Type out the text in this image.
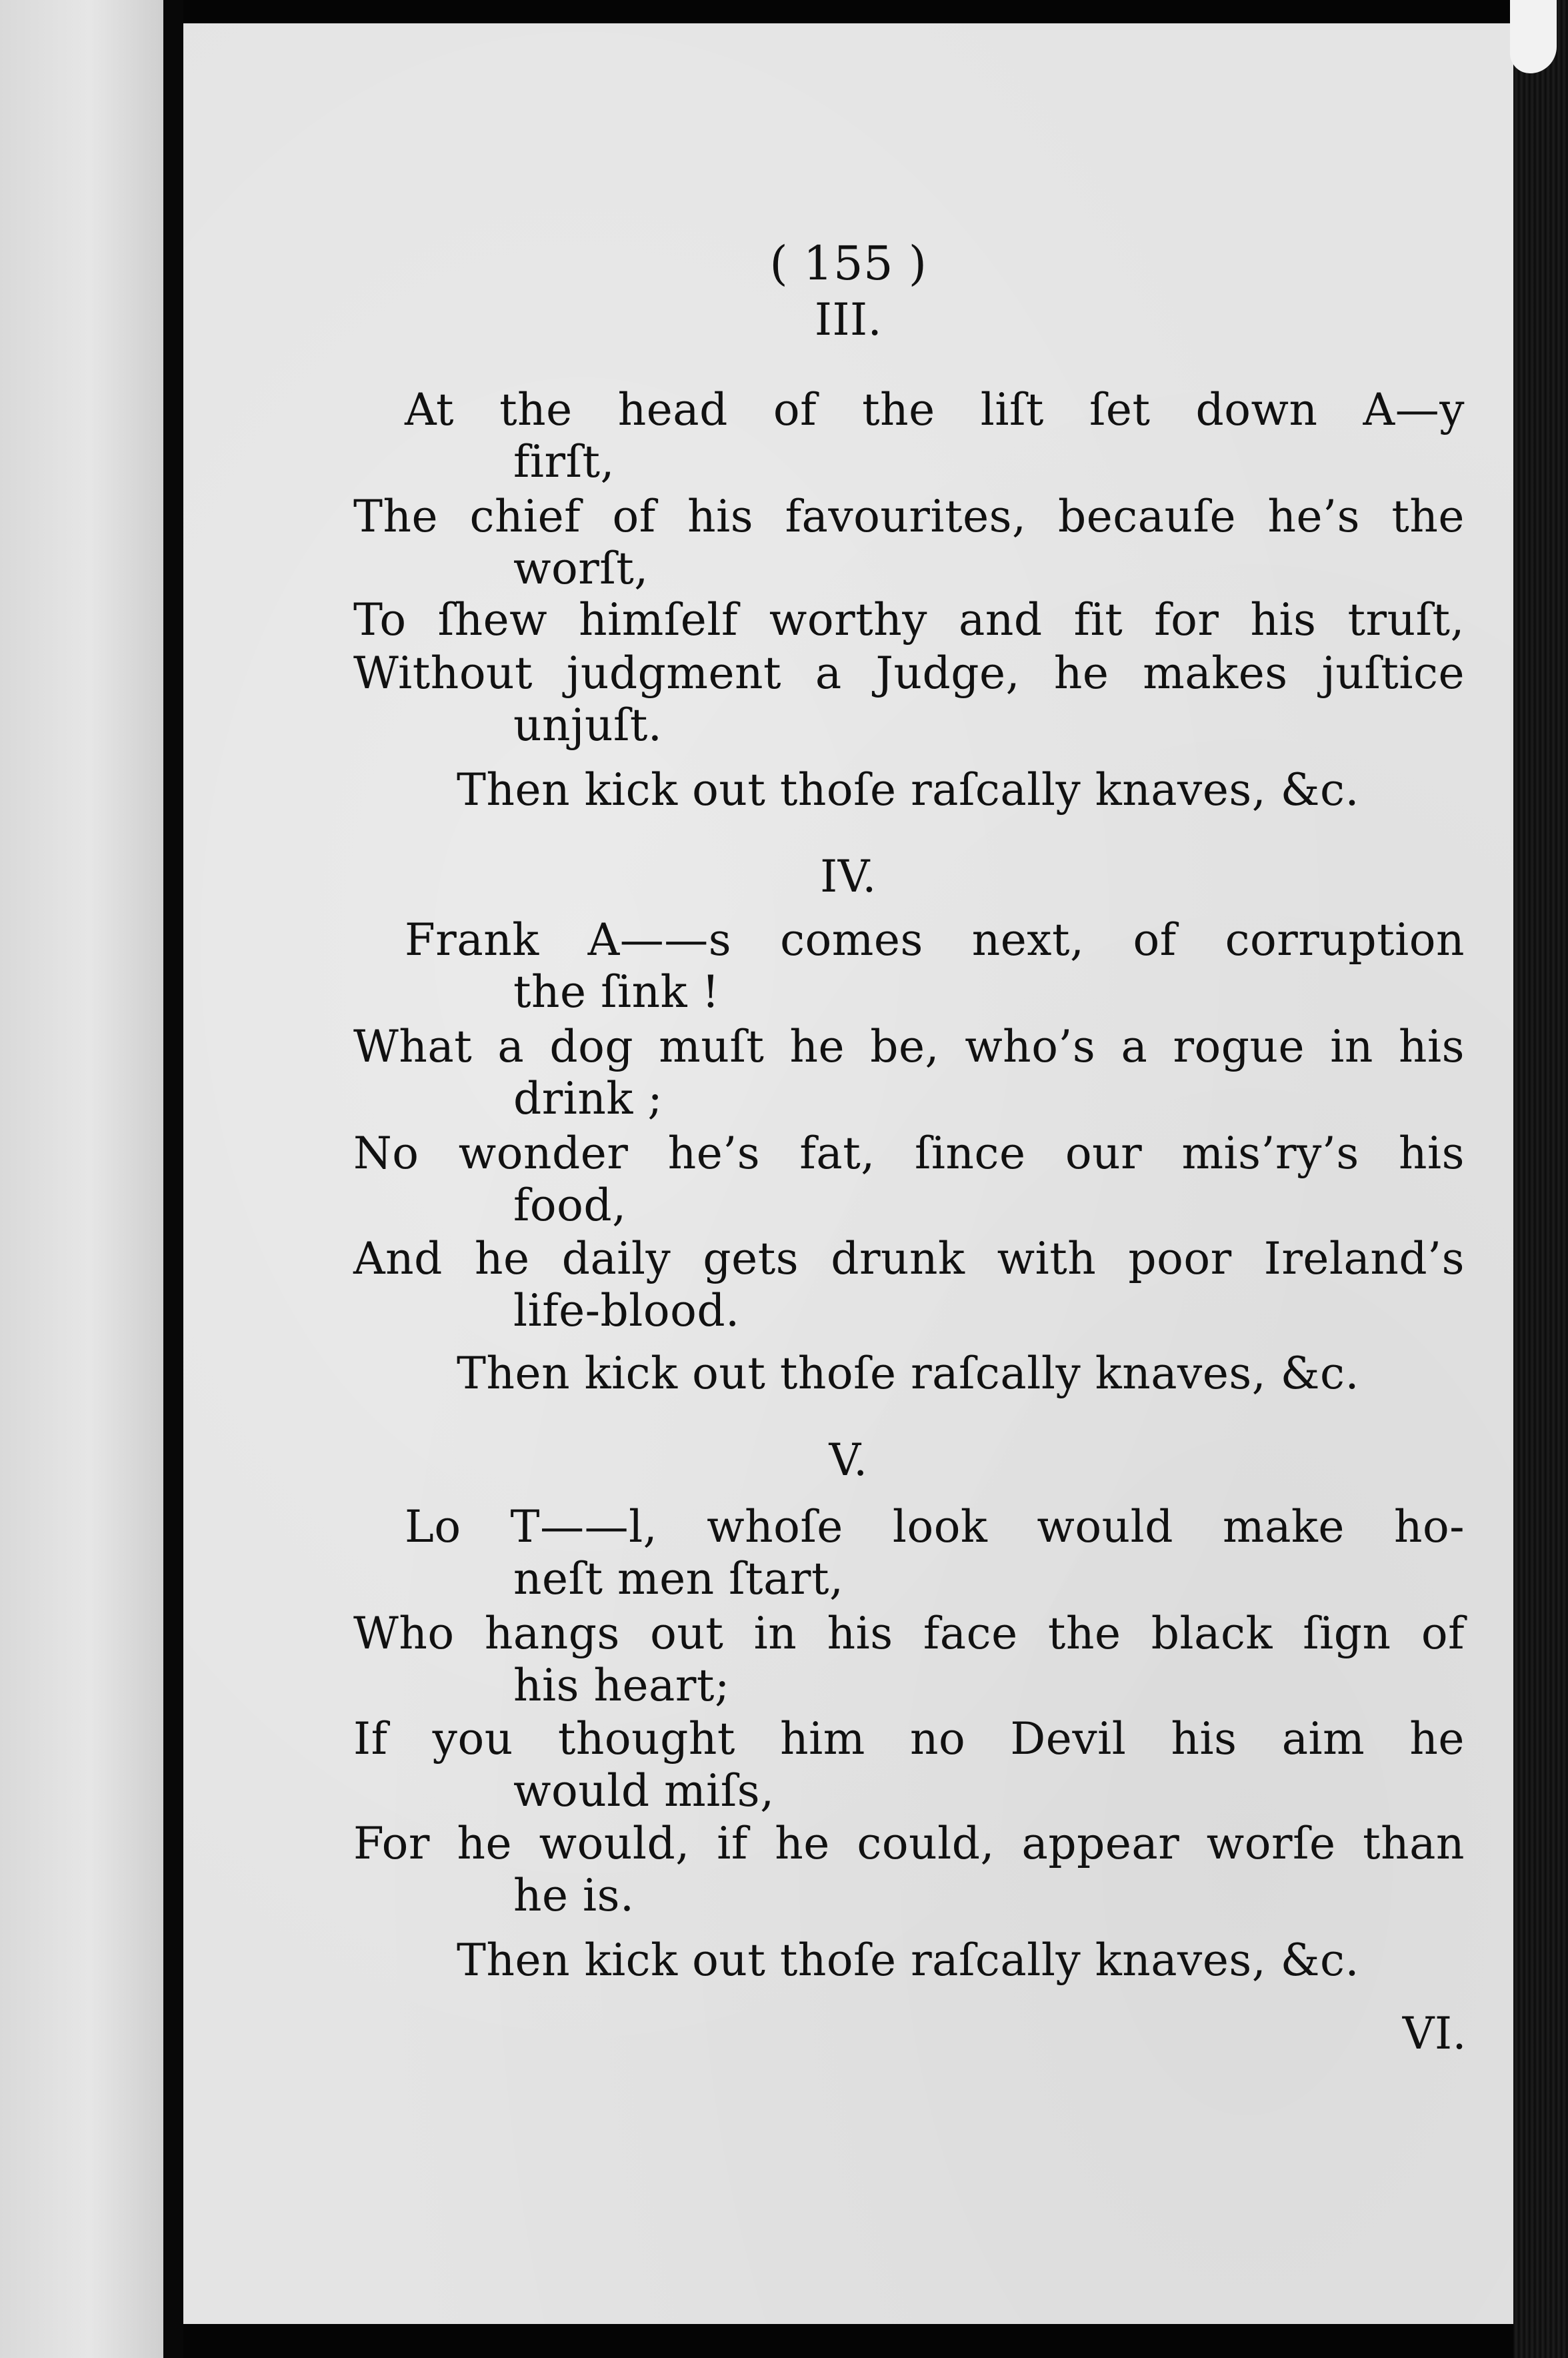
( 155 )

III.

At the head of the liſt ſet down A—y

firſt,

The chief of his favourites, becauſe he’s the

worſt,

To ſhew himſelf worthy and fit for his truſt,

Without judgment a Judge, he makes juſtice

unjuſt.

Then kick out thoſe raſcally knaves, &c.

IV.

Frank A——s comes next, of corruption

the ſink !

What a dog muſt he be, who’s a rogue in his

drink ;

No wonder he’s fat, ſince our mis’ry’s his

food,

And he daily gets drunk with poor Ireland’s

life-blood.

Then kick out thoſe raſcally knaves, &c.

V.

Lo T——l, whoſe look would make ho-

neſt men ſtart,

Who hangs out in his face the black ſign of

his heart;

If you thought him no Devil his aim he

would miſs,

For he would, if he could, appear worſe than

he is.

Then kick out thoſe raſcally knaves, &c.

VI.
